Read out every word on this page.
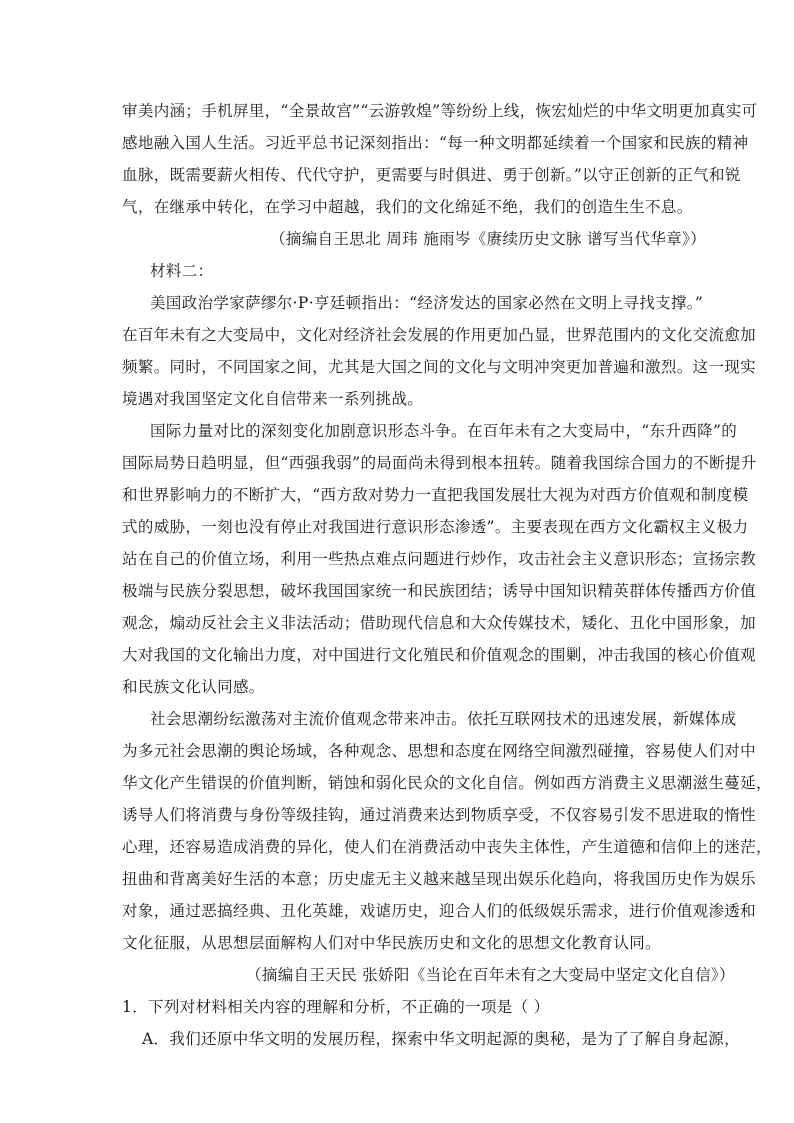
审美内涵；手机屏里，“全景故宫”“云游敦煌”等纷纷上线，恢宏灿烂的中华文明更加真实可
感地融入国人生活。习近平总书记深刻指出：“每一种文明都延续着一个国家和民族的精神
血脉，既需要薪火相传、代代守护，更需要与时俱进、勇于创新。”以守正创新的正气和锐
气，在继承中转化，在学习中超越，我们的文化绵延不绝，我们的创造生生不息。
（摘编自王思北 周玮 施雨岑《赓续历史文脉 谱写当代华章》）
材料二：
美国政治学家萨缪尔·P·亨廷顿指出：“经济发达的国家必然在文明上寻找支撑。”
在百年未有之大变局中，文化对经济社会发展的作用更加凸显，世界范围内的文化交流愈加
频繁。同时，不同国家之间，尤其是大国之间的文化与文明冲突更加普遍和激烈。这一现实
境遇对我国坚定文化自信带来一系列挑战。
国际力量对比的深刻变化加剧意识形态斗争。在百年未有之大变局中，“东升西降”的
国际局势日趋明显，但“西强我弱”的局面尚未得到根本扭转。随着我国综合国力的不断提升
和世界影响力的不断扩大，“西方敌对势力一直把我国发展壮大视为对西方价值观和制度模
式的威胁，一刻也没有停止对我国进行意识形态渗透”。主要表现在西方文化霸权主义极力
站在自己的价值立场，利用一些热点难点问题进行炒作，攻击社会主义意识形态；宣扬宗教
极端与民族分裂思想，破坏我国国家统一和民族团结；诱导中国知识精英群体传播西方价值
观念，煽动反社会主义非法活动；借助现代信息和大众传媒技术，矮化、丑化中国形象，加
大对我国的文化输出力度，对中国进行文化殖民和价值观念的围剿，冲击我国的核心价值观
和民族文化认同感。
社会思潮纷纭激荡对主流价值观念带来冲击。依托互联网技术的迅速发展，新媒体成
为多元社会思潮的舆论场域，各种观念、思想和态度在网络空间激烈碰撞，容易使人们对中
华文化产生错误的价值判断，销蚀和弱化民众的文化自信。例如西方消费主义思潮滋生蔓延，
诱导人们将消费与身份等级挂钩，通过消费来达到物质享受，不仅容易引发不思进取的惰性
心理，还容易造成消费的异化，使人们在消费活动中丧失主体性，产生道德和信仰上的迷茫，
扭曲和背离美好生活的本意；历史虚无主义越来越呈现出娱乐化趋向，将我国历史作为娱乐
对象，通过恶搞经典、丑化英雄，戏谑历史，迎合人们的低级娱乐需求，进行价值观渗透和
文化征服，从思想层面解构人们对中华民族历史和文化的思想文化教育认同。
（摘编自王天民 张娇阳《当论在百年未有之大变局中坚定文化自信》）
1．下列对材料相关内容的理解和分析，不正确的一项是（ ）
A．我们还原中华文明的发展历程，探索中华文明起源的奥秘，是为了了解自身起源，
